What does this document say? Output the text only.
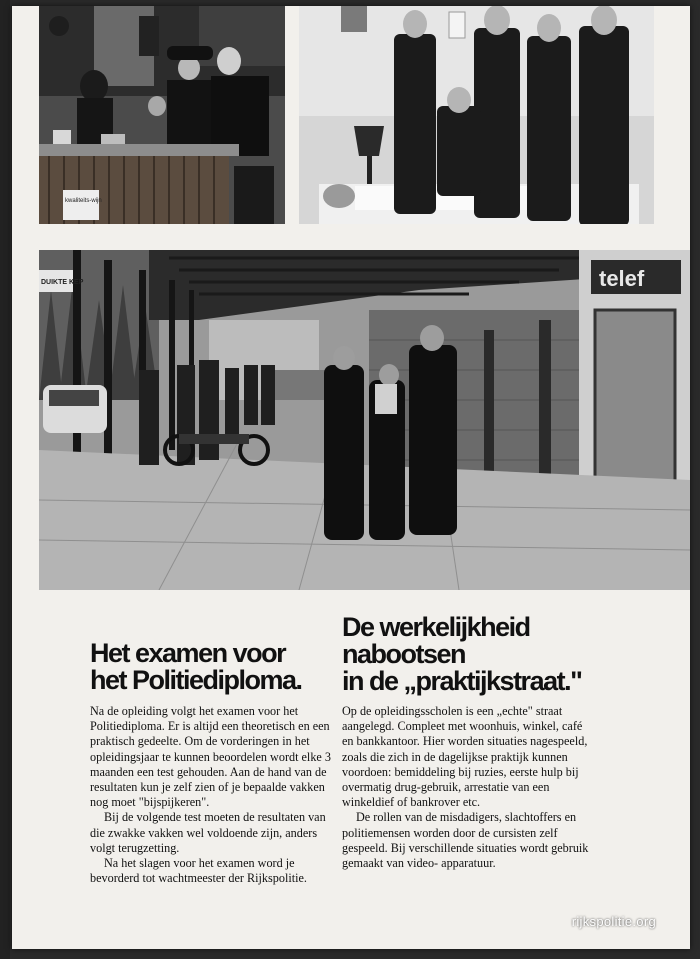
kwaliteits-wijn
telef
DUIKTE KEP
Het examen voor
het Politiediploma.

Na de opleiding volgt het examen voor het Politiediploma. Er is altijd een theoretisch en een praktisch gedeelte. Om de vorderingen in het opleidingsjaar te kunnen beoordelen wordt elke 3 maanden een test gehouden. Aan de hand van de resultaten kun je zelf zien of je bepaalde vakken nog moet "bijspijkeren".

Bij de volgende test moeten de resultaten van die zwakke vakken wel voldoende zijn, anders volgt terugzetting.

Na het slagen voor het examen word je bevorderd tot wachtmeester der Rijkspolitie.

De werkelijkheid
nabootsen
in de „praktijkstraat."

Op de opleidingsscholen is een „echte" straat aangelegd. Compleet met woonhuis, winkel, café en bankkantoor. Hier worden situaties nagespeeld, zoals die zich in de dagelijkse praktijk kunnen voordoen: bemiddeling bij ruzies, eerste hulp bij overmatig drug-gebruik, arrestatie van een winkeldief of bankrover etc.

De rollen van de misdadigers, slachtoffers en politiemensen worden door de cursisten zelf gespeeld. Bij verschillende situaties wordt gebruik gemaakt van video- apparatuur.

rijkspolitie.org
